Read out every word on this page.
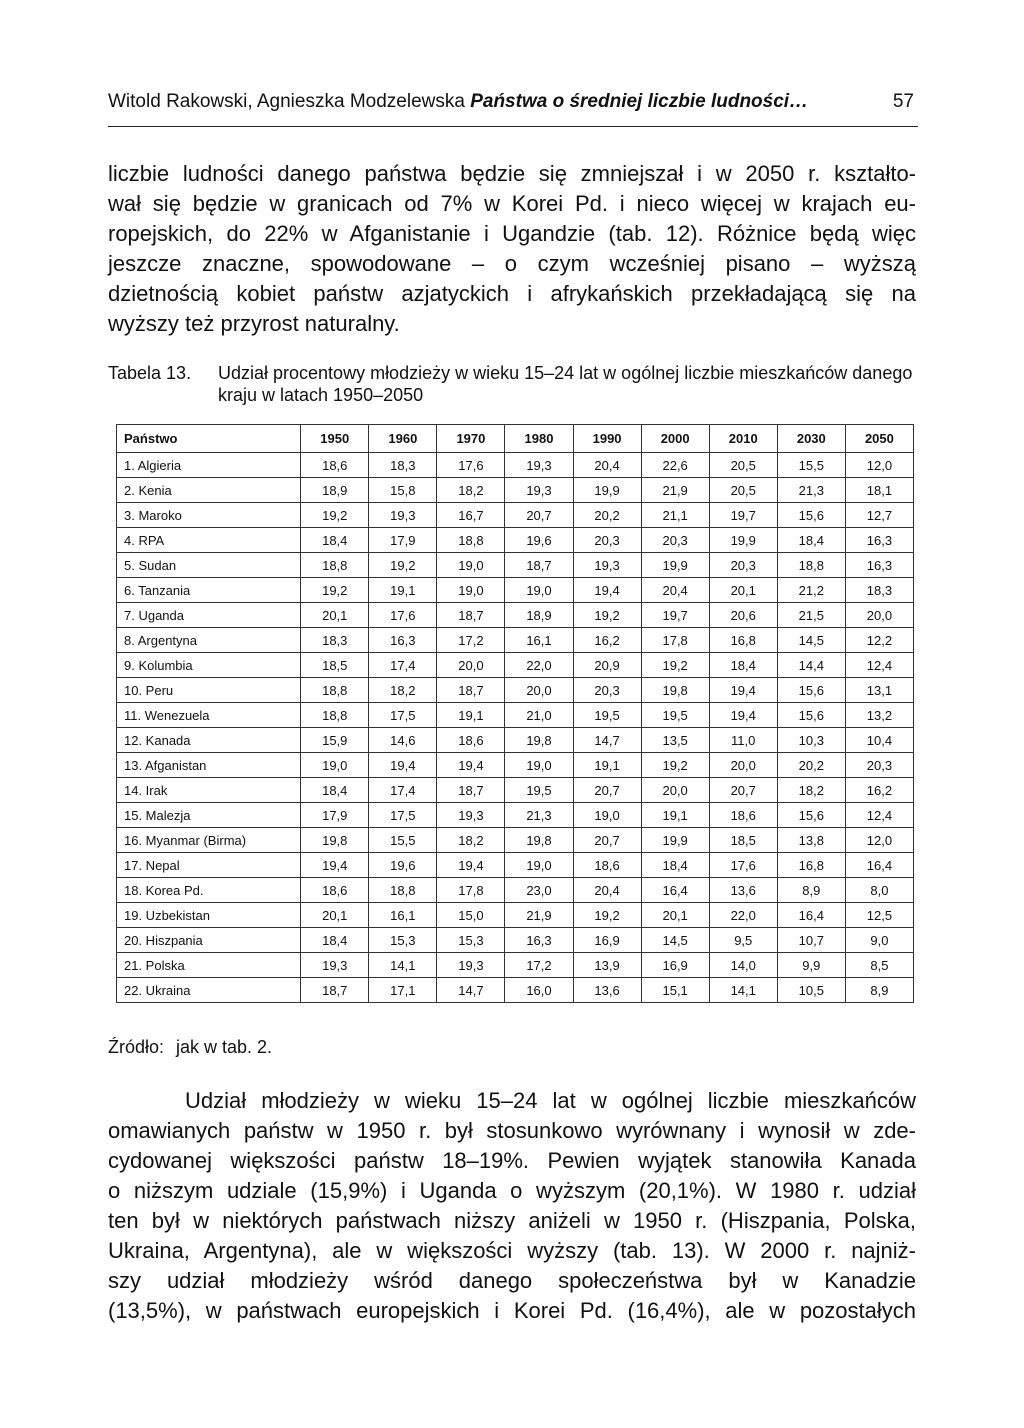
Witold Rakowski, Agnieszka Modzelewska Państwa o średniej liczbie ludności…	57
liczbie ludności danego państwa będzie się zmniejszał i w 2050 r. kształto-
wał się będzie w granicach od 7% w Korei Pd. i nieco więcej w krajach eu-
ropejskich, do 22% w Afganistanie i Ugandzie (tab. 12). Różnice będą więc
jeszcze znaczne, spowodowane – o czym wcześniej pisano – wyższą
dzietnością kobiet państw azjatyckich i afrykańskich przekładającą się na
wyższy też przyrost naturalny.
Tabela 13. Udział procentowy młodzieży w wieku 15–24 lat w ogólnej liczbie mieszkańców danego kraju w latach 1950–2050
Państwo	1950	1960	1970	1980	1990	2000	2010	2030	2050
1. Algieria	18,6	18,3	17,6	19,3	20,4	22,6	20,5	15,5	12,0
2. Kenia	18,9	15,8	18,2	19,3	19,9	21,9	20,5	21,3	18,1
3. Maroko	19,2	19,3	16,7	20,7	20,2	21,1	19,7	15,6	12,7
4. RPA	18,4	17,9	18,8	19,6	20,3	20,3	19,9	18,4	16,3
5. Sudan	18,8	19,2	19,0	18,7	19,3	19,9	20,3	18,8	16,3
6. Tanzania	19,2	19,1	19,0	19,0	19,4	20,4	20,1	21,2	18,3
7. Uganda	20,1	17,6	18,7	18,9	19,2	19,7	20,6	21,5	20,0
8. Argentyna	18,3	16,3	17,2	16,1	16,2	17,8	16,8	14,5	12,2
9. Kolumbia	18,5	17,4	20,0	22,0	20,9	19,2	18,4	14,4	12,4
10. Peru	18,8	18,2	18,7	20,0	20,3	19,8	19,4	15,6	13,1
11. Wenezuela	18,8	17,5	19,1	21,0	19,5	19,5	19,4	15,6	13,2
12. Kanada	15,9	14,6	18,6	19,8	14,7	13,5	11,0	10,3	10,4
13. Afganistan	19,0	19,4	19,4	19,0	19,1	19,2	20,0	20,2	20,3
14. Irak	18,4	17,4	18,7	19,5	20,7	20,0	20,7	18,2	16,2
15. Malezja	17,9	17,5	19,3	21,3	19,0	19,1	18,6	15,6	12,4
16. Myanmar (Birma)	19,8	15,5	18,2	19,8	20,7	19,9	18,5	13,8	12,0
17. Nepal	19,4	19,6	19,4	19,0	18,6	18,4	17,6	16,8	16,4
18. Korea Pd.	18,6	18,8	17,8	23,0	20,4	16,4	13,6	8,9	8,0
19. Uzbekistan	20,1	16,1	15,0	21,9	19,2	20,1	22,0	16,4	12,5
20. Hiszpania	18,4	15,3	15,3	16,3	16,9	14,5	9,5	10,7	9,0
21. Polska	19,3	14,1	19,3	17,2	13,9	16,9	14,0	9,9	8,5
22. Ukraina	18,7	17,1	14,7	16,0	13,6	15,1	14,1	10,5	8,9
Źródło: jak w tab. 2.
Udział młodzieży w wieku 15–24 lat w ogólnej liczbie mieszkańców
omawianych państw w 1950 r. był stosunkowo wyrównany i wynosił w zde-
cydowanej większości państw 18–19%. Pewien wyjątek stanowiła Kanada
o niższym udziale (15,9%) i Uganda o wyższym (20,1%). W 1980 r. udział
ten był w niektórych państwach niższy aniżeli w 1950 r. (Hiszpania, Polska,
Ukraina, Argentyna), ale w większości wyższy (tab. 13). W 2000 r. najniż-
szy udział młodzieży wśród danego społeczeństwa był w Kanadzie
(13,5%), w państwach europejskich i Korei Pd. (16,4%), ale w pozostałych
